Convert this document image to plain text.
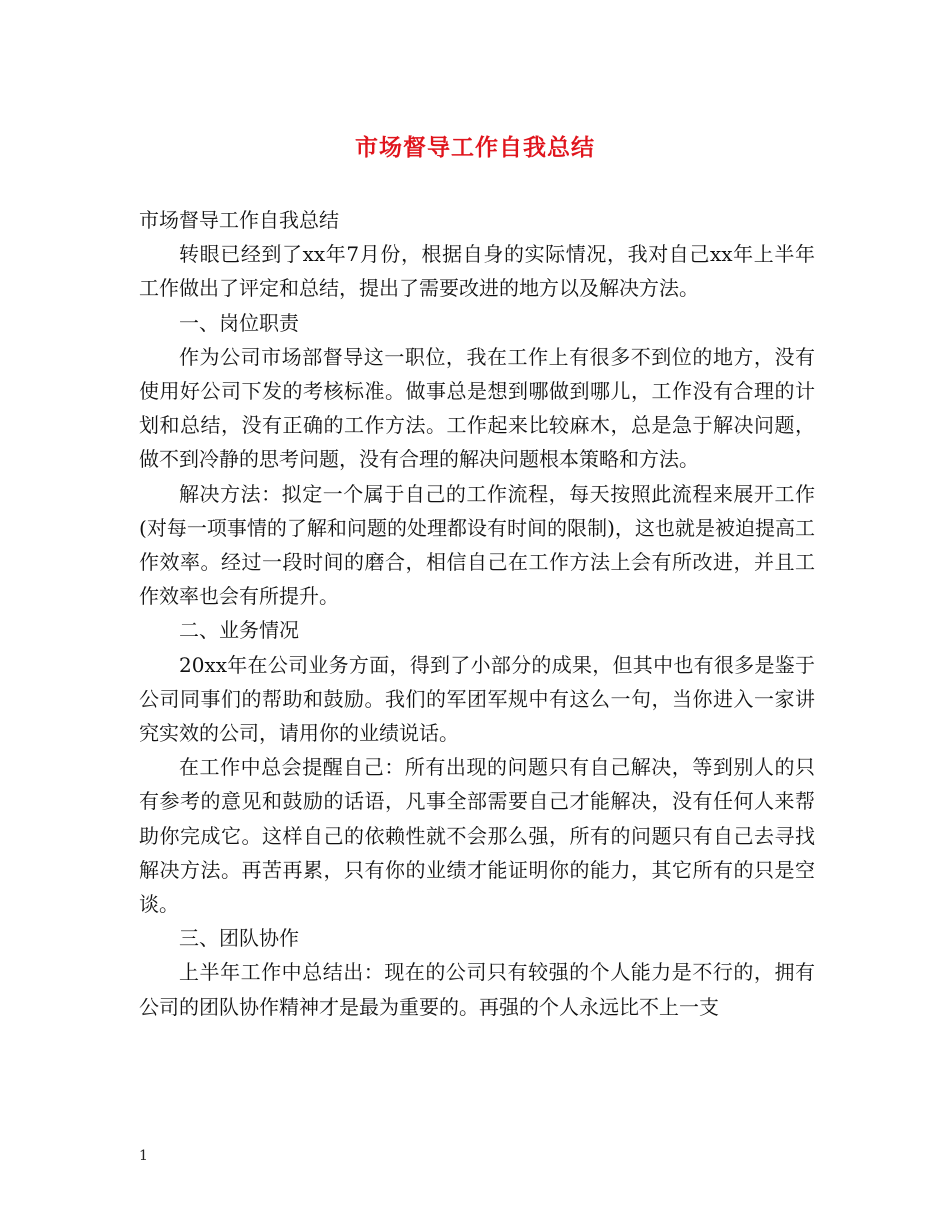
市场督导工作自我总结

市场督导工作自我总结

转眼已经到了xx年7月份，根据自身的实际情况，我对自己xx年上半年工作做出了评定和总结，提出了需要改进的地方以及解决方法。

一、岗位职责

作为公司市场部督导这一职位，我在工作上有很多不到位的地方，没有使用好公司下发的考核标准。做事总是想到哪做到哪儿，工作没有合理的计划和总结，没有正确的工作方法。工作起来比较麻木，总是急于解决问题，做不到冷静的思考问题，没有合理的解决问题根本策略和方法。

解决方法：拟定一个属于自己的工作流程，每天按照此流程来展开工作(对每一项事情的了解和问题的处理都设有时间的限制)，这也就是被迫提高工作效率。经过一段时间的磨合，相信自己在工作方法上会有所改进，并且工作效率也会有所提升。

二、业务情况

20xx年在公司业务方面，得到了小部分的成果，但其中也有很多是鉴于公司同事们的帮助和鼓励。我们的军团军规中有这么一句，当你进入一家讲究实效的公司，请用你的业绩说话。

在工作中总会提醒自己：所有出现的问题只有自己解决，等到别人的只有参考的意见和鼓励的话语，凡事全部需要自己才能解决，没有任何人来帮助你完成它。这样自己的依赖性就不会那么强，所有的问题只有自己去寻找解决方法。再苦再累，只有你的业绩才能证明你的能力，其它所有的只是空谈。

三、团队协作

上半年工作中总结出：现在的公司只有较强的个人能力是不行的，拥有公司的团队协作精神才是最为重要的。再强的个人永远比不上一支

1
